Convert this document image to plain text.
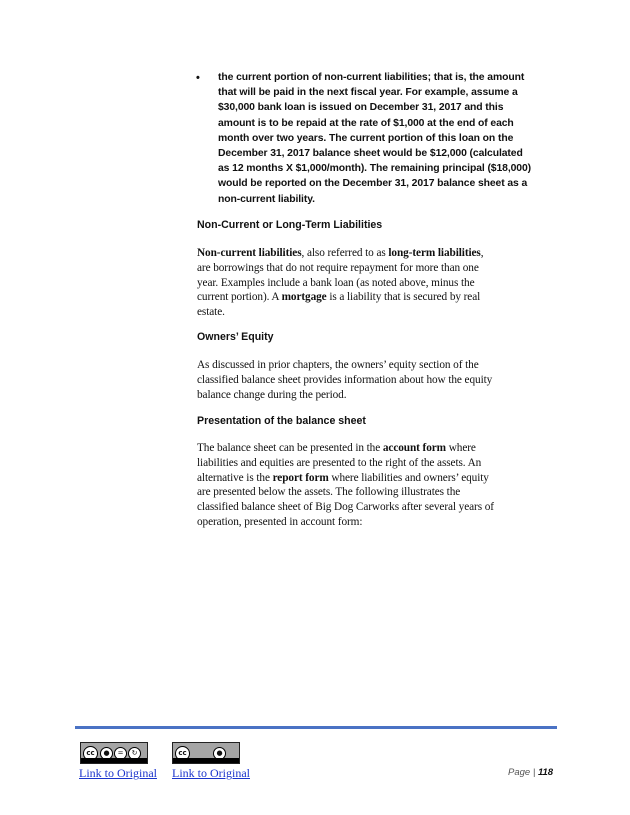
• the current portion of non-current liabilities; that is, the amount
that will be paid in the next fiscal year. For example, assume a
$30,000 bank loan is issued on December 31, 2017 and this
amount is to be repaid at the rate of $1,000 at the end of each
month over two years. The current portion of this loan on the
December 31, 2017 balance sheet would be $12,000 (calculated
as 12 months X $1,000/month). The remaining principal ($18,000)
would be reported on the December 31, 2017 balance sheet as a
non-current liability.
Non-Current or Long-Term Liabilities
Non-current liabilities, also referred to as long-term liabilities,
are borrowings that do not require repayment for more than one
year. Examples include a bank loan (as noted above, minus the
current portion). A mortgage is a liability that is secured by real
estate.
Owners’ Equity
As discussed in prior chapters, the owners’ equity section of the
classified balance sheet provides information about how the equity
balance change during the period.
Presentation of the balance sheet
The balance sheet can be presented in the account form where
liabilities and equities are presented to the right of the assets. An
alternative is the report form where liabilities and owners’ equity
are presented below the assets. The following illustrates the
classified balance sheet of Big Dog Carworks after several years of
operation, presented in account form:
cc	●	=	↻	cc	●
Link to Original Link to Original	Page | 118
